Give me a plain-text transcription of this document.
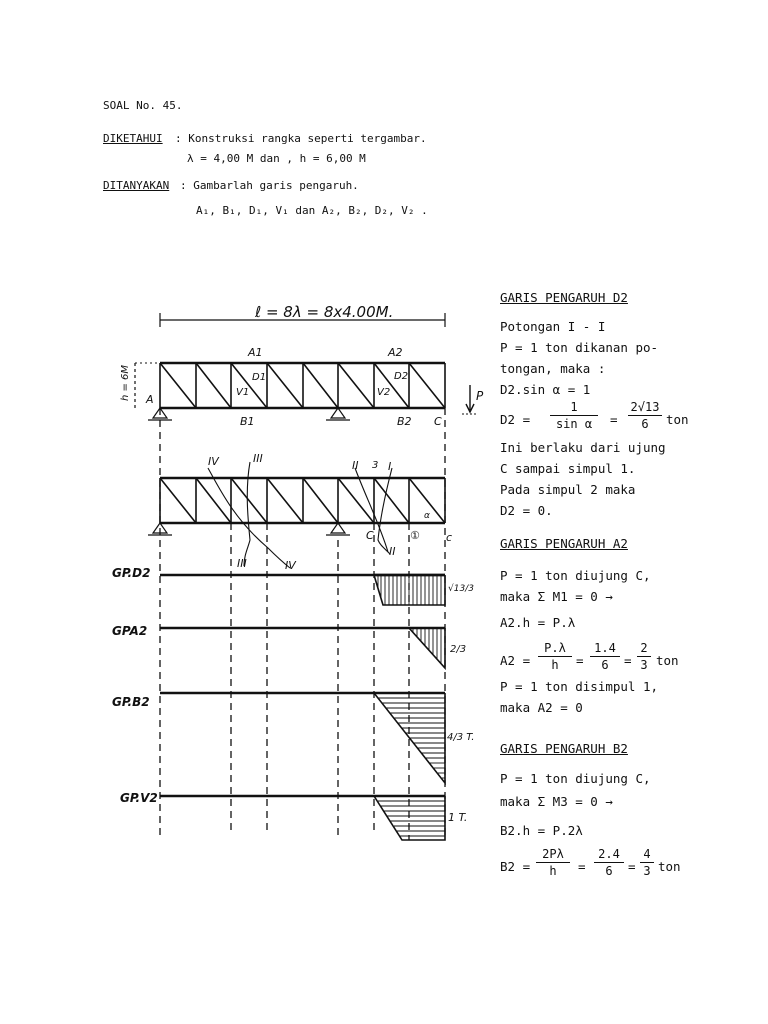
SOAL No. 45.
DIKETAHUI : Konstruksi rangka seperti tergambar.
λ = 4,00 M dan , h = 6,00 M
DITANYAKAN : Gambarlah garis pengaruh.
A₁, B₁, D₁, V₁ dan A₂, B₂, D₂, V₂ .
ℓ = 8λ = 8x4.00M.
h = 6M
A1	A2
D1
V1	V2
D2
A
B1	B2 C
P
I
II
III
IV	3
III	IV
II
C	① c
α
GP.D2
√13/3
GPA2
2/3
GP.B2
4/3 T.
GP.V2
1 T.
GARIS PENGARUH D2
Potongan I - I
P = 1 ton dikanan po-
tongan, maka :
D2.sin α = 1
$D2 = \frac{1}{\text{sin α}} = \frac{2√13}{6}$ ton
Ini berlaku dari ujung
C sampai simpul 1.
Pada simpul 2 maka
D2 = 0.
GARIS PENGARUH A2
P = 1 ton diujung C,
maka Σ M1 = 0 →
A2.h = P.λ
$A2 = \frac{P.\lambda}{h} = \frac{1.4}{6} = \frac{2}{3}$ ton
P = 1 ton disimpul 1,
maka A2 = 0
GARIS PENGARUH B2
P = 1 ton diujung C,
maka Σ M3 = 0 →
B2.h = P.2λ
$B2 = \frac{2P\lambda}{h} = \frac{2.4}{6} = \frac{4}{3}$ ton
